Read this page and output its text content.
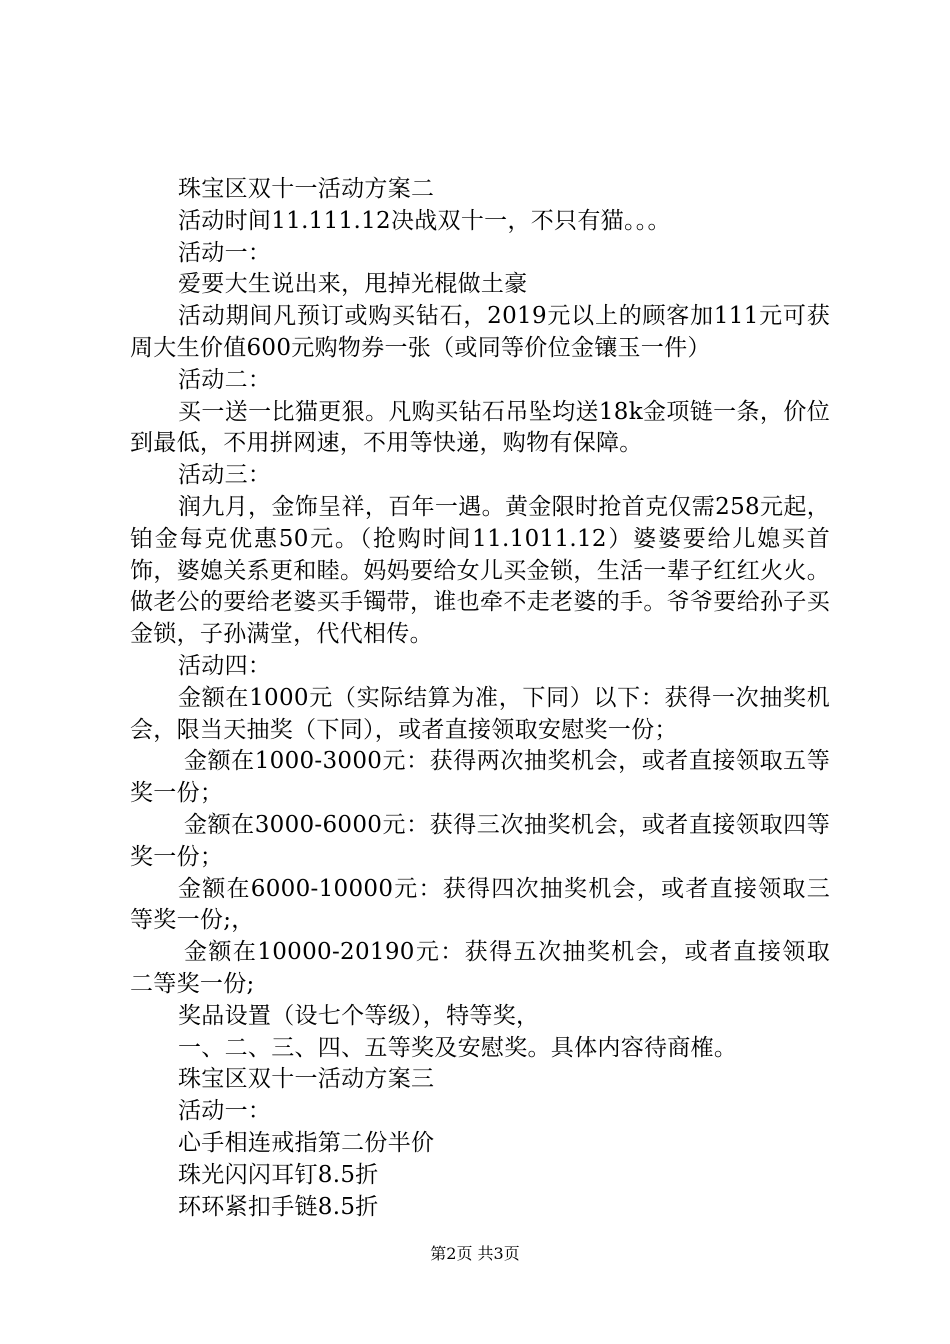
珠宝区双十一活动方案二

活动时间11.111.12决战双十一，不只有猫。。。

活动一：

爱要大生说出来，甩掉光棍做土豪

活动期间凡预订或购买钻石，2019元以上的顾客加111元可获周大生价值600元购物券一张（或同等价位金镶玉一件）

活动二：

买一送一比猫更狠。凡购买钻石吊坠均送18k金项链一条，价位到最低，不用拼网速，不用等快递，购物有保障。

活动三：

润九月，金饰呈祥，百年一遇。黄金限时抢首克仅需258元起，铂金每克优惠50元。（抢购时间11.1011.12）婆婆要给儿媳买首饰，婆媳关系更和睦。妈妈要给女儿买金锁，生活一辈子红红火火。做老公的要给老婆买手镯带，谁也牵不走老婆的手。爷爷要给孙子买金锁，子孙满堂，代代相传。

活动四：

金额在1000元（实际结算为准，下同）以下：获得一次抽奖机会，限当天抽奖（下同），或者直接领取安慰奖一份；

金额在1000-3000元：获得两次抽奖机会，或者直接领取五等奖一份；

金额在3000-6000元：获得三次抽奖机会，或者直接领取四等奖一份；

金额在6000-10000元：获得四次抽奖机会，或者直接领取三等奖一份;，

金额在10000-20190元：获得五次抽奖机会，或者直接领取二等奖一份;

奖品设置（设七个等级），特等奖，

一、二、三、四、五等奖及安慰奖。具体内容待商榷。

珠宝区双十一活动方案三

活动一：

心手相连戒指第二份半价

珠光闪闪耳钉8.5折

环环紧扣手链8.5折

第2页 共3页
